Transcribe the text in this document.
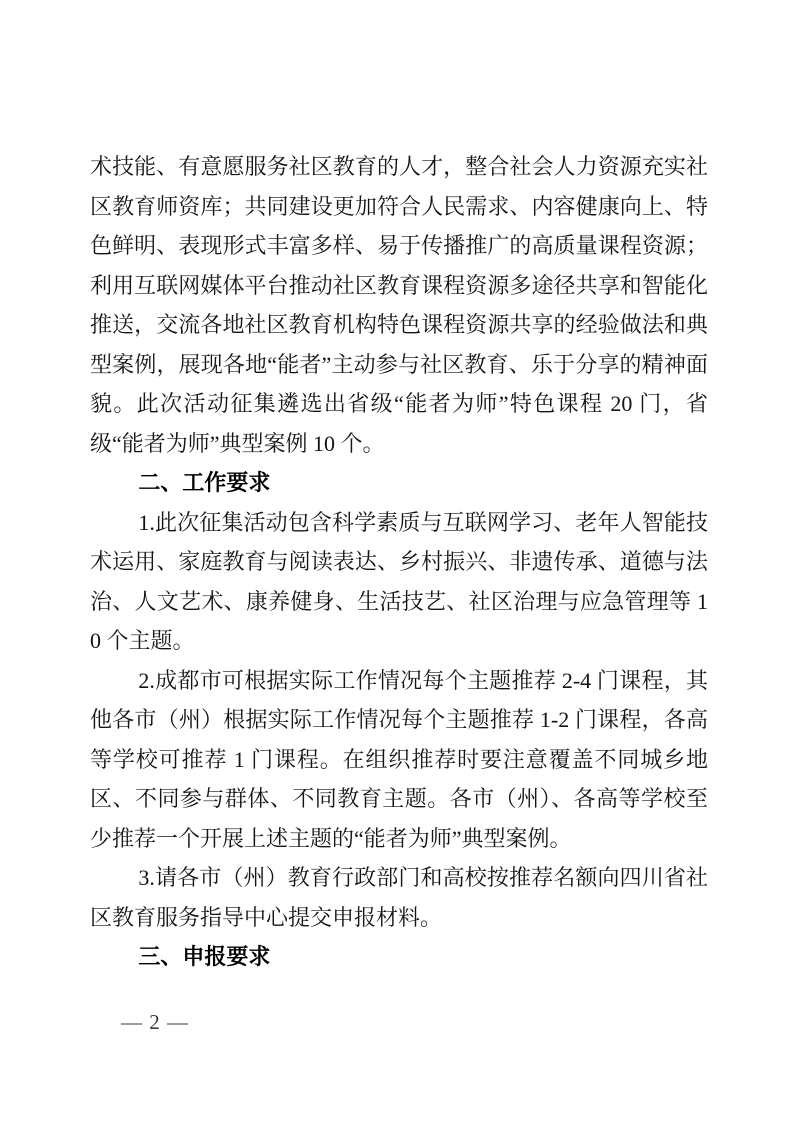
术技能、有意愿服务社区教育的人才，整合社会人力资源充实社区教育师资库；共同建设更加符合人民需求、内容健康向上、特色鲜明、表现形式丰富多样、易于传播推广的高质量课程资源；利用互联网媒体平台推动社区教育课程资源多途径共享和智能化推送，交流各地社区教育机构特色课程资源共享的经验做法和典型案例，展现各地“能者”主动参与社区教育、乐于分享的精神面貌。此次活动征集遴选出省级“能者为师”特色课程 20 门，省级“能者为师”典型案例 10 个。

二、工作要求

1.此次征集活动包含科学素质与互联网学习、老年人智能技术运用、家庭教育与阅读表达、乡村振兴、非遗传承、道德与法治、人文艺术、康养健身、生活技艺、社区治理与应急管理等 10 个主题。

2.成都市可根据实际工作情况每个主题推荐 2-4 门课程，其他各市（州）根据实际工作情况每个主题推荐 1-2 门课程，各高等学校可推荐 1 门课程。在组织推荐时要注意覆盖不同城乡地区、不同参与群体、不同教育主题。各市（州）、各高等学校至少推荐一个开展上述主题的“能者为师”典型案例。

3.请各市（州）教育行政部门和高校按推荐名额向四川省社区教育服务指导中心提交申报材料。

三、申报要求
— 2 —
